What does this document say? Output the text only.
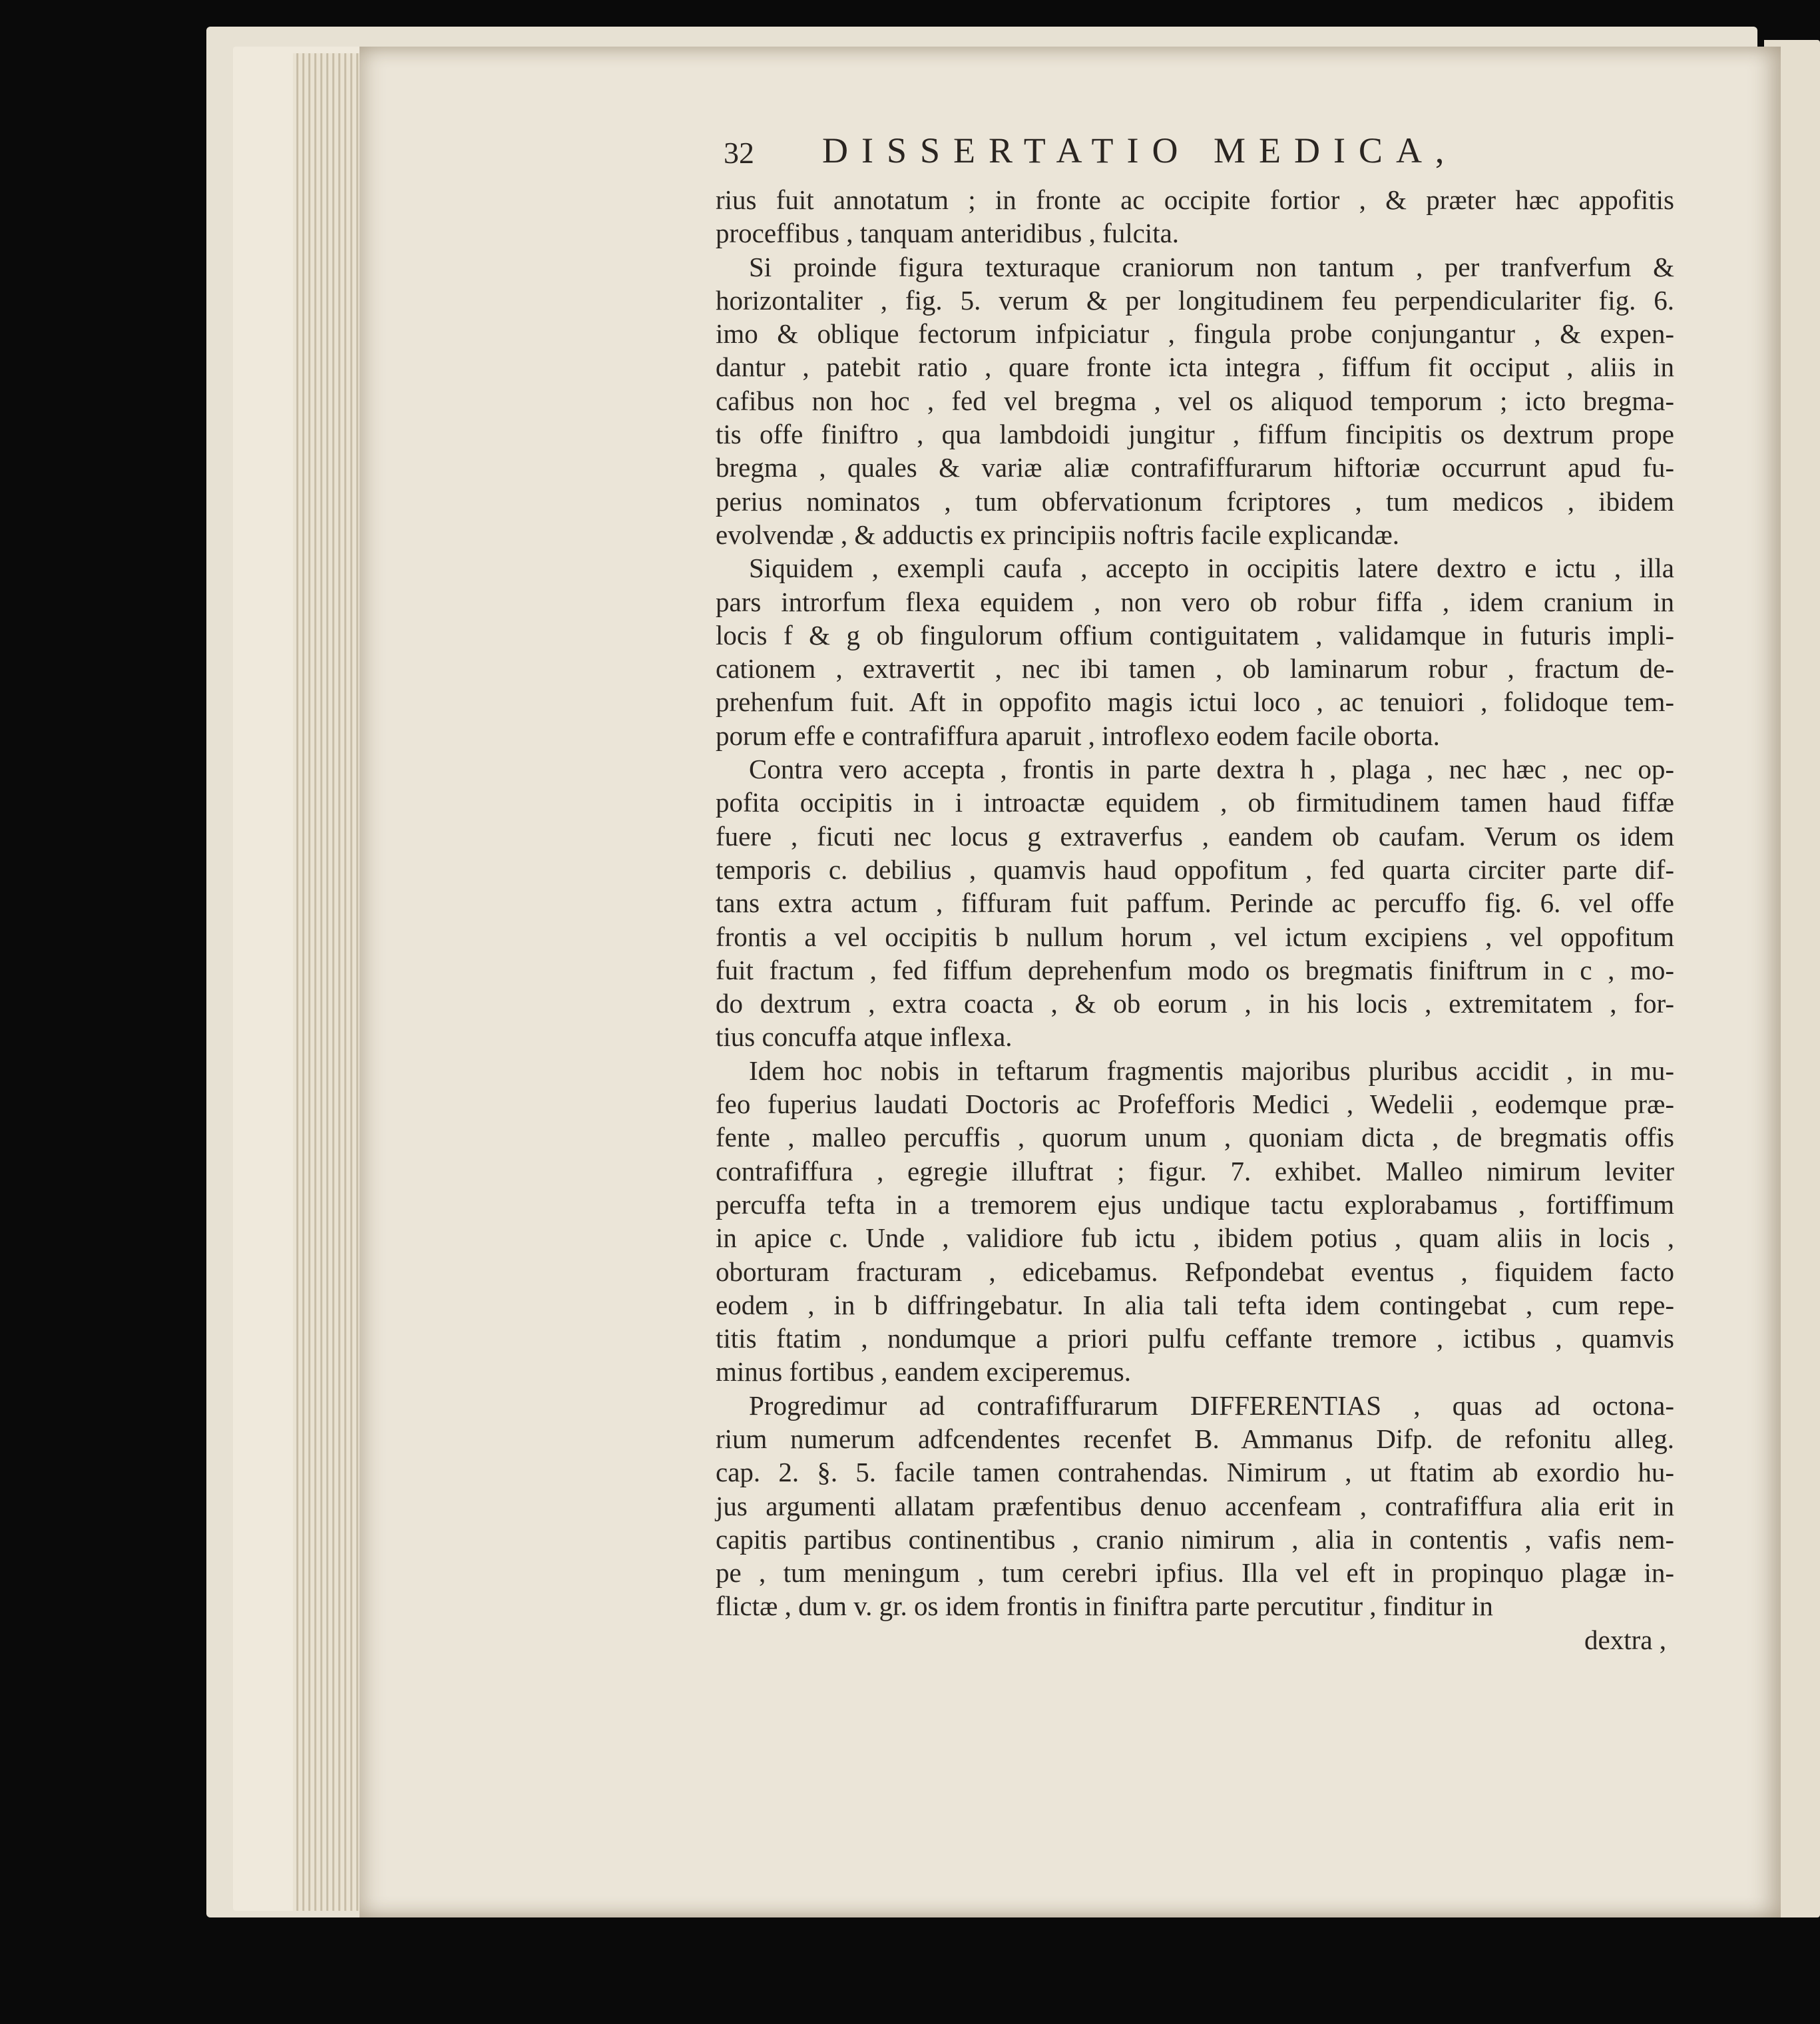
32 DISSERTATIO MEDICA,

rius fuit annotatum ; in fronte ac occipite fortior , & præter hæc appofitis

proceffibus , tanquam anteridibus , fulcita.

Si proinde figura texturaque craniorum non tantum , per tranfverfum &

horizontaliter , fig. 5. verum & per longitudinem feu perpendiculariter fig. 6.

imo & oblique fectorum infpiciatur , fingula probe conjungantur , & expen-

dantur , patebit ratio , quare fronte icta integra , fiffum fit occiput , aliis in

cafibus non hoc , fed vel bregma , vel os aliquod temporum ; icto bregma-

tis offe finiftro , qua lambdoidi jungitur , fiffum fincipitis os dextrum prope

bregma , quales & variæ aliæ contrafiffurarum hiftoriæ occurrunt apud fu-

perius nominatos , tum obfervationum fcriptores , tum medicos , ibidem

evolvendæ , & adductis ex principiis noftris facile explicandæ.

Siquidem , exempli caufa , accepto in occipitis latere dextro e ictu , illa

pars introrfum flexa equidem , non vero ob robur fiffa , idem cranium in

locis f & g ob fingulorum offium contiguitatem , validamque in futuris impli-

cationem , extravertit , nec ibi tamen , ob laminarum robur , fractum de-

prehenfum fuit. Aft in oppofito magis ictui loco , ac tenuiori , folidoque tem-

porum effe e contrafiffura aparuit , introflexo eodem facile oborta.

Contra vero accepta , frontis in parte dextra h , plaga , nec hæc , nec op-

pofita occipitis in i introactæ equidem , ob firmitudinem tamen haud fiffæ

fuere , ficuti nec locus g extraverfus , eandem ob caufam. Verum os idem

temporis c. debilius , quamvis haud oppofitum , fed quarta circiter parte dif-

tans extra actum , fiffuram fuit paffum. Perinde ac percuffo fig. 6. vel offe

frontis a vel occipitis b nullum horum , vel ictum excipiens , vel oppofitum

fuit fractum , fed fiffum deprehenfum modo os bregmatis finiftrum in c , mo-

do dextrum , extra coacta , & ob eorum , in his locis , extremitatem , for-

tius concuffa atque inflexa.

Idem hoc nobis in teftarum fragmentis majoribus pluribus accidit , in mu-

feo fuperius laudati Doctoris ac Profefforis Medici , Wedelii , eodemque præ-

fente , malleo percuffis , quorum unum , quoniam dicta , de bregmatis offis

contrafiffura , egregie illuftrat ; figur. 7. exhibet. Malleo nimirum leviter

percuffa tefta in a tremorem ejus undique tactu explorabamus , fortiffimum

in apice c. Unde , validiore fub ictu , ibidem potius , quam aliis in locis ,

oborturam fracturam , edicebamus. Refpondebat eventus , fiquidem facto

eodem , in b diffringebatur. In alia tali tefta idem contingebat , cum repe-

titis ftatim , nondumque a priori pulfu ceffante tremore , ictibus , quamvis

minus fortibus , eandem exciperemus.

Progredimur ad contrafiffurarum DIFFERENTIAS , quas ad octona-

rium numerum adfcendentes recenfet B. Ammanus Difp. de refonitu alleg.

cap. 2. §. 5. facile tamen contrahendas. Nimirum , ut ftatim ab exordio hu-

jus argumenti allatam præfentibus denuo accenfeam , contrafiffura alia erit in

capitis partibus continentibus , cranio nimirum , alia in contentis , vafis nem-

pe , tum meningum , tum cerebri ipfius. Illa vel eft in propinquo plagæ in-

flictæ , dum v. gr. os idem frontis in finiftra parte percutitur , finditur in

dextra ,
